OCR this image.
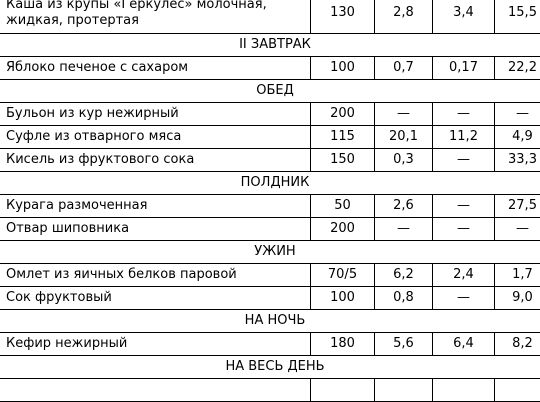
Каша из крупы «Геркулес» молочная, жидкая, протертая	130	2,8	3,4	15,5
II ЗАВТРАК				
Яблоко печеное с сахаром	100	0,7	0,17	22,2
ОБЕД				
Бульон из кур нежирный	200	—	—	—
Суфле из отварного мяса	115	20,1	11,2	4,9
Кисель из фруктового сока	150	0,3	—	33,3
ПОЛДНИК				
Курага размоченная	50	2,6	—	27,5
Отвар шиповника	200	—	—	—
УЖИН				
Омлет из яичных белков паровой	70/5	6,2	2,4	1,7
Сок фруктовый	100	0,8	—	9,0
НА НОЧЬ				
Кефир нежирный	180	5,6	6,4	8,2
НА ВЕСЬ ДЕНЬ				
